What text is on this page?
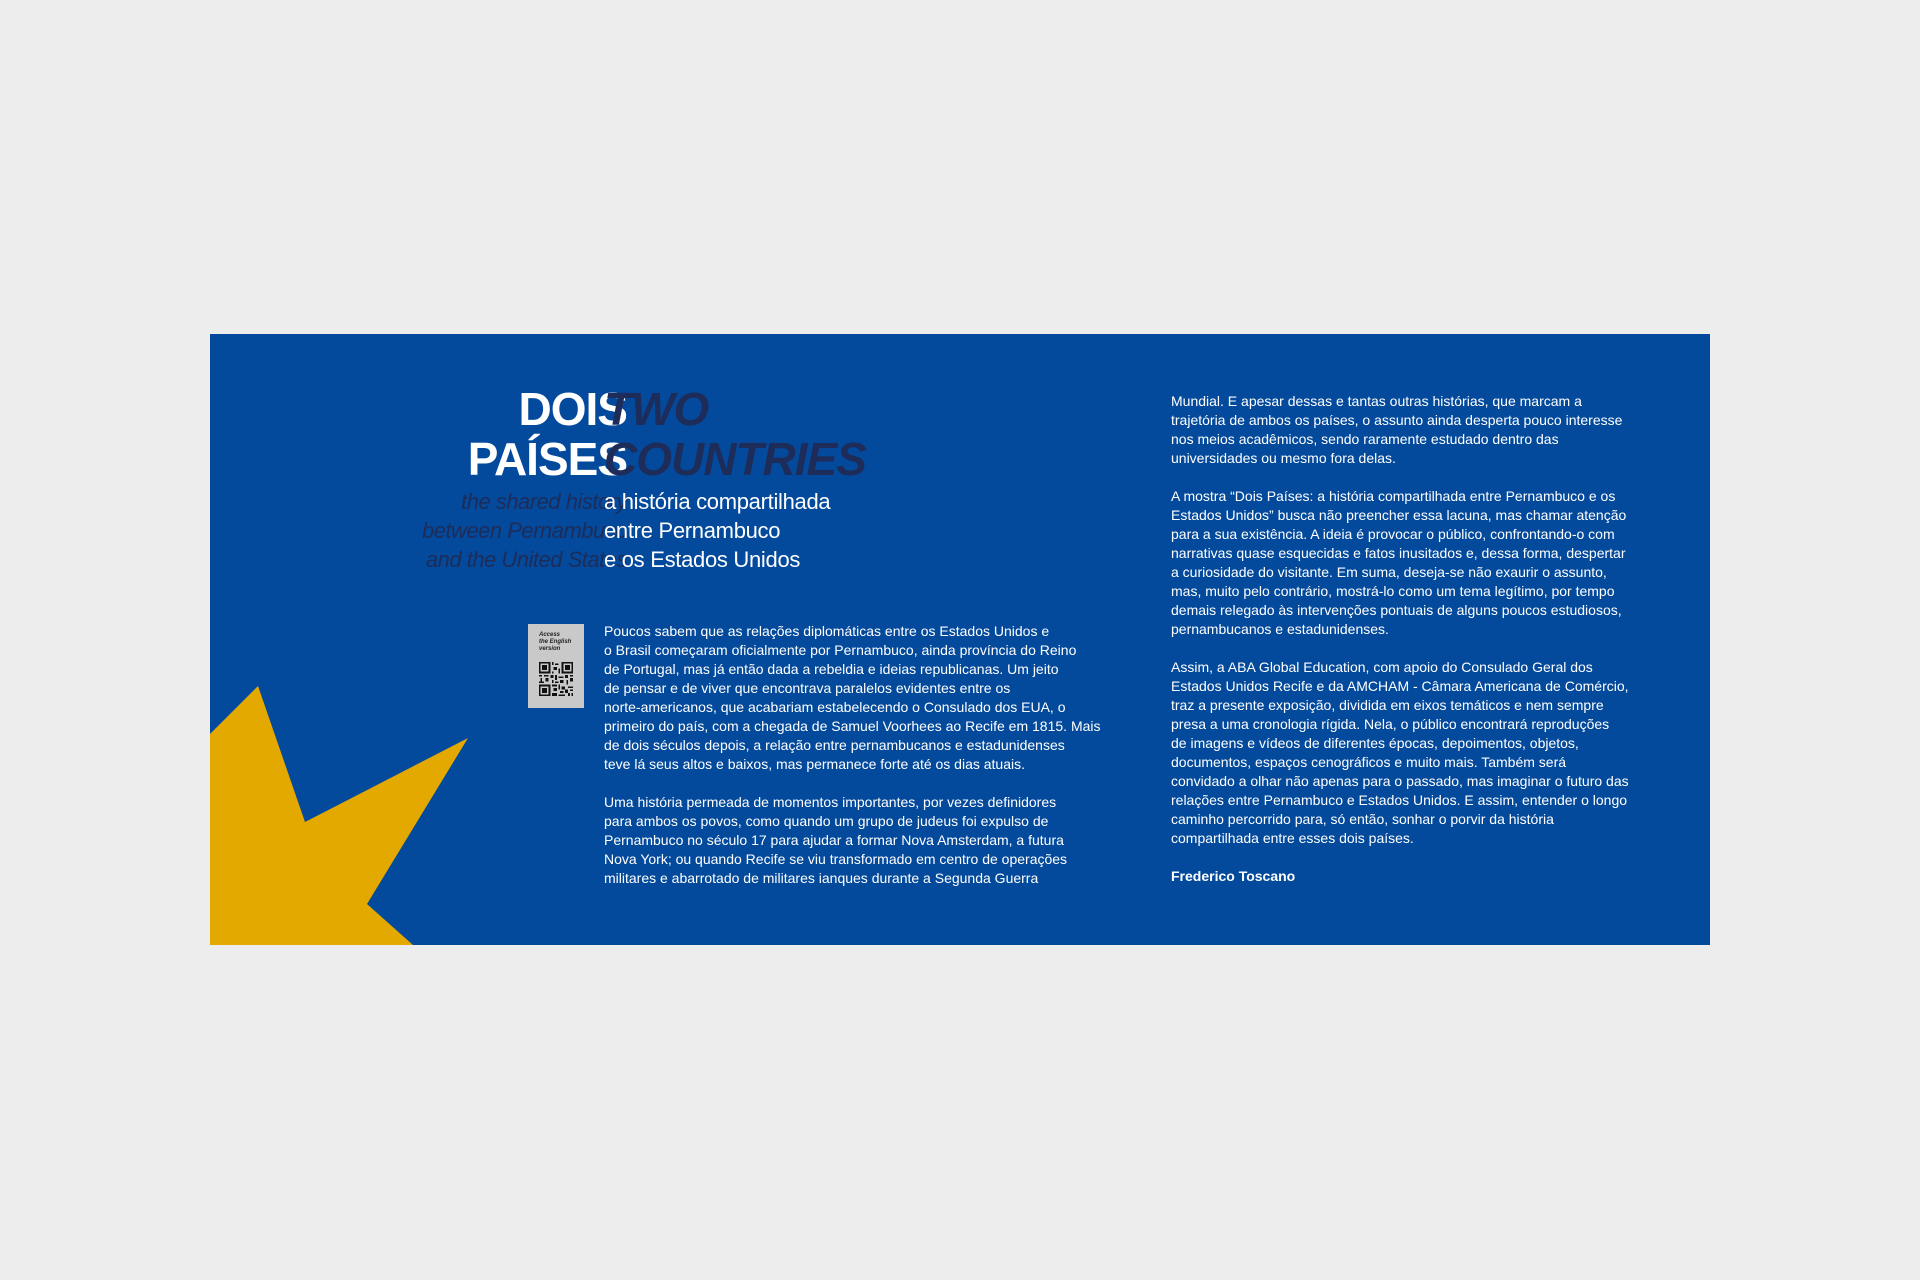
DOIS
PAÍSES
TWO
COUNTRIES
the shared history
between Pernambuco
and the United States
a história compartilhada
entre Pernambuco
e os Estados Unidos
Access
the English
version

Poucos sabem que as relações diplomáticas entre os Estados Unidos e
o Brasil começaram oficialmente por Pernambuco, ainda província do Reino
de Portugal, mas já então dada a rebeldia e ideias republicanas. Um jeito
de pensar e de viver que encontrava paralelos evidentes entre os
norte-americanos, que acabariam estabelecendo o Consulado dos EUA, o
primeiro do país, com a chegada de Samuel Voorhees ao Recife em 1815. Mais
de dois séculos depois, a relação entre pernambucanos e estadunidenses
teve lá seus altos e baixos, mas permanece forte até os dias atuais.

Uma história permeada de momentos importantes, por vezes definidores
para ambos os povos, como quando um grupo de judeus foi expulso de
Pernambuco no século 17 para ajudar a formar Nova Amsterdam, a futura
Nova York; ou quando Recife se viu transformado em centro de operações
militares e abarrotado de militares ianques durante a Segunda Guerra

Mundial. E apesar dessas e tantas outras histórias, que marcam a
trajetória de ambos os países, o assunto ainda desperta pouco interesse
nos meios acadêmicos, sendo raramente estudado dentro das
universidades ou mesmo fora delas.

A mostra “Dois Países: a história compartilhada entre Pernambuco e os
Estados Unidos” busca não preencher essa lacuna, mas chamar atenção
para a sua existência. A ideia é provocar o público, confrontando-o com
narrativas quase esquecidas e fatos inusitados e, dessa forma, despertar
a curiosidade do visitante. Em suma, deseja-se não exaurir o assunto,
mas, muito pelo contrário, mostrá-lo como um tema legítimo, por tempo
demais relegado às intervenções pontuais de alguns poucos estudiosos,
pernambucanos e estadunidenses.

Assim, a ABA Global Education, com apoio do Consulado Geral dos
Estados Unidos Recife e da AMCHAM - Câmara Americana de Comércio,
traz a presente exposição, dividida em eixos temáticos e nem sempre
presa a uma cronologia rígida. Nela, o público encontrará reproduções
de imagens e vídeos de diferentes épocas, depoimentos, objetos,
documentos, espaços cenográficos e muito mais. Também será
convidado a olhar não apenas para o passado, mas imaginar o futuro das
relações entre Pernambuco e Estados Unidos. E assim, entender o longo
caminho percorrido para, só então, sonhar o porvir da história
compartilhada entre esses dois países.

Frederico Toscano
